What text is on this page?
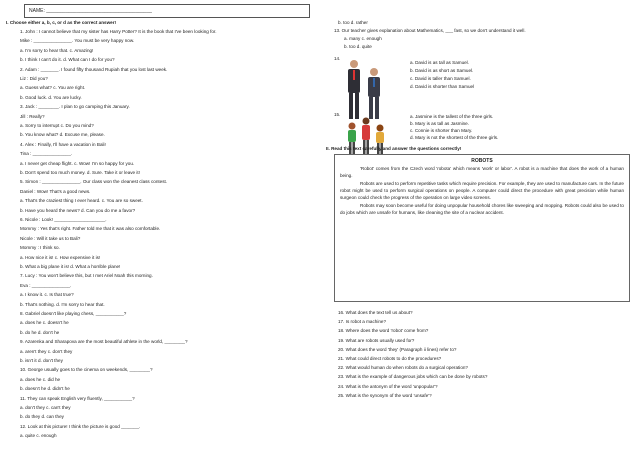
NAME: ______________________________________
I. Choose either a, b, c, or d as the correct answer!
1. John : I cannot believe that my sister has Harry Potter? It is the book that I've been looking for.
Mike : _______________. You must be very happy now.
a. I'm sorry to hear that. c. Amazing!
b. I think I can't do it. d. What can I do for you?
2. Adam : _______. I found fifty thousand Rupiah that you lost last week.
Liz : Did you?
a. Guess what? c. You are right.
b. Good luck. d. You are lucky.
3. Jack : ________. I plan to go camping this January.
Jill : Really?
a. Sorry to interrupt c. Do you mind?
b. You know what? d. Excuse me, please.
4. Alex : Finally, I'll have a vacation in Bali!
Tina : _______________.
a. I never get cheap flight. c. Wow! I'm so happy for you.
b. Don't spend too much money. d. Sure. Take it or leave it!
5. Simon : _______________. Our class won the cleanest class contest.
Daniel : Wow! That's a good news.
a. That's the craziest thing I ever heard. c. You are so sweet.
b. Have you heard the news? d. Can you do me a favor?
6. Nicole : Look! ____________________.
Mommy : Yes that's right. Father told me that it was also comfortable.
Nicole : Will it take us to Bali?
Mommy : I think so.
a. How nice it is! c. How expensive it is!
b. What a big plane it is! d. What a horrible plane!
7. Lucy : You won't believe this, but I met Ariel Noah this morning.
Eva : _______________.
a. I know it. c. Is that true?
b. That's nothing. d. I'm sorry to hear that.
8. Gabriel doesn't like playing chess, ___________?
a. does he c. doesn't he
b. do he d. don't he
9. Azarenka and Sharapova are the most beautiful athlete in the world, ________?
a. aren't they c. don't they
b. isn't it d. don't they
10. George usually goes to the cinema on weekends, ________?
a. does he c. did he
b. doesn't he d. didn't he
11. They can speak English very fluently, ___________?
a. don't they c. can't they
b. do they d. can they
12. Look at this picture! I think the picture is good _______.
a. quite c. enough
b. too d. rather
13. Our teacher gives explanation about Mathematics, ___ fast, so we don't understand it well.
a. many c. enough
b. too d. quite
14.
a. David is as tall as Samuel.
b. David is as short as Samuel.
c. David is taller than Samuel.
d. David is shorter than Samuel
15.	a. Jasmine is the tallest of the three girls.
b. Mary is as tall as Jasmine.
c. Connie is shorter than Mary.
d. Mary is not the shortest of the three girls.
II. Read this text carefully and answer the questions correctly!
ROBOTS
'Robot' comes from the Czech word 'robota' which means 'work' or labor'. A robot is a machine that does the work of a human being.
Robots are used to perform repetitive tasks which require precision. For example, they are used to manufacture cars. In the future robot might be used to perform surgical operations on people. A computer could direct the procedure with great precision while human surgeon could check the progress of the operation on large video screens.
Robots may soon become useful for doing unpopular household chores like sweeping and mopping. Robots could also be used to do jobs which are unsafe for humans, like cleaning the site of a nuclear accident.
16. What does the text tell us about?
17. Is robot a machine?
18. Where does the word 'robot' come from?
19. What are robots usually used for?
20. What does the word 'they' (Paragraph ii lines) refer to?
21. What could direct robots to do the procedures?
22. What would human do when robots do a surgical operation?
23. What is the example of dangerous jobs which can be done by robots?
24. What is the antonym of the word 'unpopular'?
25. What is the synonym of the word 'unsafe'?
